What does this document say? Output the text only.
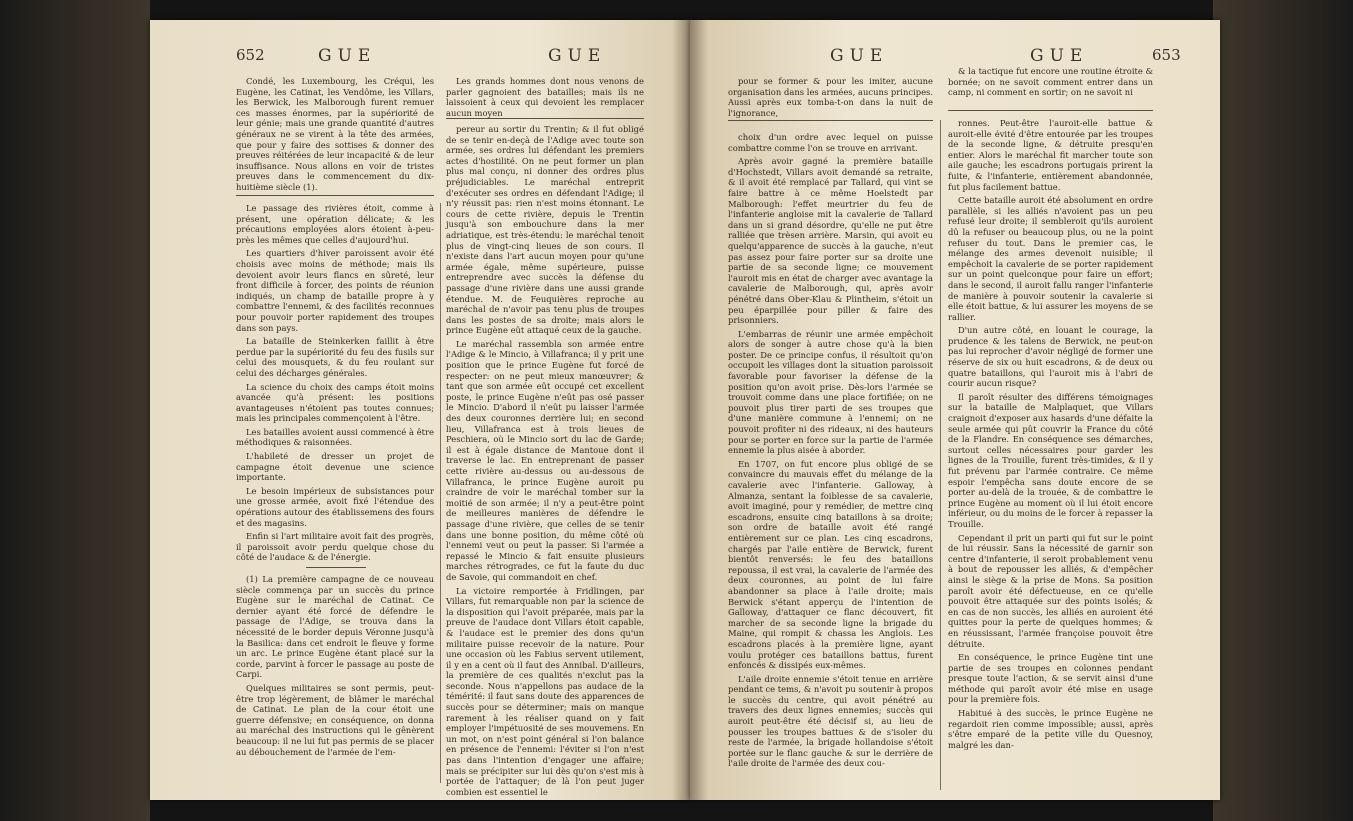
652	GUE	GUE

Condé, les Luxembourg, les Créqui, les Eugène, les Catinat, les Vendôme, les Villars, les Berwick, les Malborough furent remuer ces masses énormes, par la supériorité de leur génie; mais une grande quantité d'autres généraux ne se virent à la tête des armées, que pour y faire des sottises & donner des preuves réitérées de leur incapacité & de leur insuffisance. Nous allons en voir de tristes preuves dans le commencement du dix-huitième siècle (1).

Les grands hommes dont nous venons de parler gagnoient des batailles; mais ils ne laissoient à ceux qui devoient les remplacer aucun moyen

Le passage des rivières étoit, comme à présent, une opération délicate; & les précautions employées alors étoient à-peu-près les mêmes que celles d'aujourd'hui.

Les quartiers d'hiver paroissent avoir été choisis avec moins de méthode; mais ils devoient avoir leurs flancs en sûreté, leur front difficile à forcer, des points de réunion indiqués, un champ de bataille propre à y combattre l'ennemi, & des facilités reconnues pour pouvoir porter rapidement des troupes dans son pays.

La bataille de Steinkerken faillit à être perdue par la supériorité du feu des fusils sur celui des mousquets, & du feu roulant sur celui des décharges générales.

La science du choix des camps étoit moins avancée qu'à présent: les positions avantageuses n'étoient pas toutes connues; mais les principales commençoient à l'être.

Les batailles avoient aussi commencé à être méthodiques & raisonnées.

L'habileté de dresser un projet de campagne étoit devenue une science importante.

Le besoin impérieux de subsistances pour une grosse armée, avoit fixé l'étendue des opérations autour des établissemens des fours et des magasins.

Enfin si l'art militaire avoit fait des progrès, il paroissoit avoir perdu quelque chose du côté de l'audace & de l'énergie.

(1) La première campagne de ce nouveau siècle commença par un succès du prince Eugène sur le maréchal de Catinat. Ce dernier ayant été forcé de défendre le passage de l'Adige, se trouva dans la nécessité de le border depuis Véronne jusqu'à la Basilica: dans cet endroit le fleuve y forme un arc. Le prince Eugène étant placé sur la corde, parvint à forcer le passage au poste de Carpi.

Quelques militaires se sont permis, peut-être trop légèrement, de blâmer le maréchal de Catinat. Le plan de la cour étoit une guerre défensive; en conséquence, on donna au maréchal des instructions qui le gênèrent beaucoup: il ne lui fut pas permis de se placer au débouchement de l'armée de l'em-

pereur au sortir du Trentin; & il fut obligé de se tenir en-deçà de l'Adige avec toute son armée, ses ordres lui défendant les premiers actes d'hostilité. On ne peut former un plan plus mal conçu, ni donner des ordres plus préjudiciables. Le maréchal entreprit d'exécuter ses ordres en défendant l'Adige; il n'y réussit pas: rien n'est moins étonnant. Le cours de cette rivière, depuis le Trentin jusqu'à son embouchure dans la mer adriatique, est très-étendu: le maréchal tenoit plus de vingt-cinq lieues de son cours. Il n'existe dans l'art aucun moyen pour qu'une armée égale, même supérieure, puisse entreprendre avec succès la défense du passage d'une rivière dans une aussi grande étendue. M. de Feuquières reproche au maréchal de n'avoir pas tenu plus de troupes dans les postes de sa droite; mais alors le prince Eugène eût attaqué ceux de la gauche.

Le maréchal rassembla son armée entre l'Adige & le Mincio, à Villafranca; il y prit une position que le prince Eugène fut forcé de respecter: on ne peut mieux manœuvrer; & tant que son armée eût occupé cet excellent poste, le prince Eugène n'eût pas osé passer le Mincio. D'abord il n'eût pu laisser l'armée des deux couronnes derrière lui; en second lieu, Villafranca est à trois lieues de Peschiera, où le Mincio sort du lac de Garde; il est à égale distance de Mantoue dont il traverse le lac. En entreprenant de passer cette rivière au-dessus ou au-dessous de Villafranca, le prince Eugène auroit pu craindre de voir le maréchal tomber sur la moitié de son armée; il n'y a peut-être point de meilleures manières de défendre le passage d'une rivière, que celles de se tenir dans une bonne position, du même côté où l'ennemi veut ou peut la passer. Si l'armée a repassé le Mincio & fait ensuite plusieurs marches rétrogrades, ce fut la faute du duc de Savoie, qui commandoit en chef.

La victoire remportée à Fridlingen, par Villars, fut remarquable non par la science de la disposition qui l'avoit préparée, mais par la preuve de l'audace dont Villars étoit capable, & l'audace est le premier des dons qu'un militaire puisse recevoir de la nature. Pour une occasion où les Fabius servent utilement, il y en a cent où il faut des Annibal. D'ailleurs, la première de ces qualités n'exclut pas la seconde. Nous n'appellons pas audace de la témérité: il faut sans doute des apparences de succès pour se déterminer; mais on manque rarement à les réaliser quand on y fait employer l'impétuosité de ses mouvemens. En un mot, on n'est point général si l'on balance en présence de l'ennemi: l'éviter si l'on n'est pas dans l'intention d'engager une affaire; mais se précipiter sur lui dès qu'on s'est mis à portée de l'attaquer; de là l'on peut juger combien est essentiel le

GUE	GUE	653

pour se former & pour les imiter, aucune organisation dans les armées, aucuns principes. Aussi après eux tomba-t-on dans la nuit de l'ignorance,

& la tactique fut encore une routine étroite & bornée; on ne savoit comment entrer dans un camp, ni comment en sortir; on ne savoit ni

choix d'un ordre avec lequel on puisse combattre comme l'on se trouve en arrivant.

Après avoir gagné la première bataille d'Hochstedt, Villars avoit demandé sa retraite, & il avoit été remplacé par Tallard, qui vint se faire battre à ce même Hoelstedt par Malborough: l'effet meurtrier du feu de l'infanterie angloise mit la cavalerie de Tallard dans un si grand désordre, qu'elle ne put être ralliée que trèsen arrière. Marsin, qui avoit eu quelqu'apparence de succès à la gauche, n'eut pas assez pour faire porter sur sa droite une partie de sa seconde ligne; ce mouvement l'auroit mis en état de charger avec avantage la cavalerie de Malborough, qui, après avoir pénétré dans Ober-Klau & Plintheim, s'étoit un peu éparpillée pour piller & faire des prisonniers.

L'embarras de réunir une armée empêchoit alors de songer à autre chose qu'à la bien poster. De ce principe confus, il résultoit qu'on occupoit les villages dont la situation paroissoit favorable pour favoriser la défense de la position qu'on avoit prise. Dès-lors l'armée se trouvoit comme dans une place fortifiée; on ne pouvoit plus tirer parti de ses troupes que d'une manière commune à l'ennemi; on ne pouvoit profiter ni des rideaux, ni des hauteurs pour se porter en force sur la partie de l'armée ennemie la plus aisée à aborder.

En 1707, on fut encore plus obligé de se convaincre du mauvais effet du mélange de la cavalerie avec l'infanterie. Galloway, à Almanza, sentant la foiblesse de sa cavalerie, avoit imaginé, pour y remédier, de mettre cinq escadrons, ensuite cinq bataillons à sa droite; son ordre de bataille avoit été rangé entièrement sur ce plan. Les cinq escadrons, chargés par l'aile entière de Berwick, furent bientôt renversés: le feu des bataillons repoussa, il est vrai, la cavalerie de l'armée des deux couronnes, au point de lui faire abandonner sa place à l'aile droite; mais Berwick s'étant apperçu de l'intention de Galloway, d'attaquer ce flanc découvert, fit marcher de sa seconde ligne la brigade du Maine, qui rompit & chassa les Anglois. Les escadrons placés à la première ligne, ayant voulu protéger ces bataillons battus, furent enfoncés & dissipés eux-mêmes.

L'aile droite ennemie s'étoit tenue en arrière pendant ce tems, & n'avoit pu soutenir à propos le succès du centre, qui avoit pénétré au travers des deux lignes ennemies; succès qui auroit peut-être été décisif si, au lieu de pousser les troupes battues & de s'isoler du reste de l'armée, la brigade hollandoise s'étoit portée sur le flanc gauche & sur le derrière de l'aile droite de l'armée des deux cou-

ronnes. Peut-être l'auroit-elle battue & auroit-elle évité d'être entourée par les troupes de la seconde ligne, & détruite presqu'en entier. Alors le maréchal fit marcher toute son aile gauche; les escadrons portugais prirent la fuite, & l'infanterie, entièrement abandonnée, fut plus facilement battue.

Cette bataille auroit été absolument en ordre parallèle, si les alliés n'avoient pas un peu refusé leur droite; il sembleroit qu'ils auroient dû la refuser ou beaucoup plus, ou ne la point refuser du tout. Dans le premier cas, le mélange des armes devenoit nuisible; il empêchoit la cavalerie de se porter rapidement sur un point quelconque pour faire un effort; dans le second, il auroit fallu ranger l'infanterie de manière à pouvoir soutenir la cavalerie si elle étoit battue, & lui assurer les moyens de se rallier.

D'un autre côté, en louant le courage, la prudence & les talens de Berwick, ne peut-on pas lui reprocher d'avoir négligé de former une réserve de six ou huit escadrons, & de deux ou quatre bataillons, qui l'auroit mis à l'abri de courir aucun risque?

Il paroît résulter des différens témoignages sur la bataille de Malplaquet, que Villars craignoit d'exposer aux hasards d'une défaite la seule armée qui pût couvrir la France du côté de la Flandre. En conséquence ses démarches, surtout celles nécessaires pour garder les lignes de la Trouille, furent très-timides, & il y fut prévenu par l'armée contraire. Ce même espoir l'empêcha sans doute encore de se porter au-delà de la trouée, & de combattre le prince Eugène au moment où il lui étoit encore inférieur, ou du moins de le forcer à repasser la Trouille.

Cependant il prit un parti qui fut sur le point de lui réussir. Sans la nécessité de garnir son centre d'infanterie, il seroit probablement venu à bout de repousser les alliés, & d'empêcher ainsi le siège & la prise de Mons. Sa position paroît avoir été défectueuse, en ce qu'elle pouvoit être attaquée sur des points isolés; & en cas de non succès, les alliés en auroient été quittes pour la perte de quelques hommes; & en réussissant, l'armée françoise pouvoit être détruite.

En conséquence, le prince Eugène tint une partie de ses troupes en colonnes pendant presque toute l'action, & se servit ainsi d'une méthode qui paroît avoir été mise en usage pour la première fois.

Habitué à des succès, le prince Eugène ne regardoit rien comme impossible; aussi, après s'être emparé de la petite ville du Quesnoy, malgré les dan-
